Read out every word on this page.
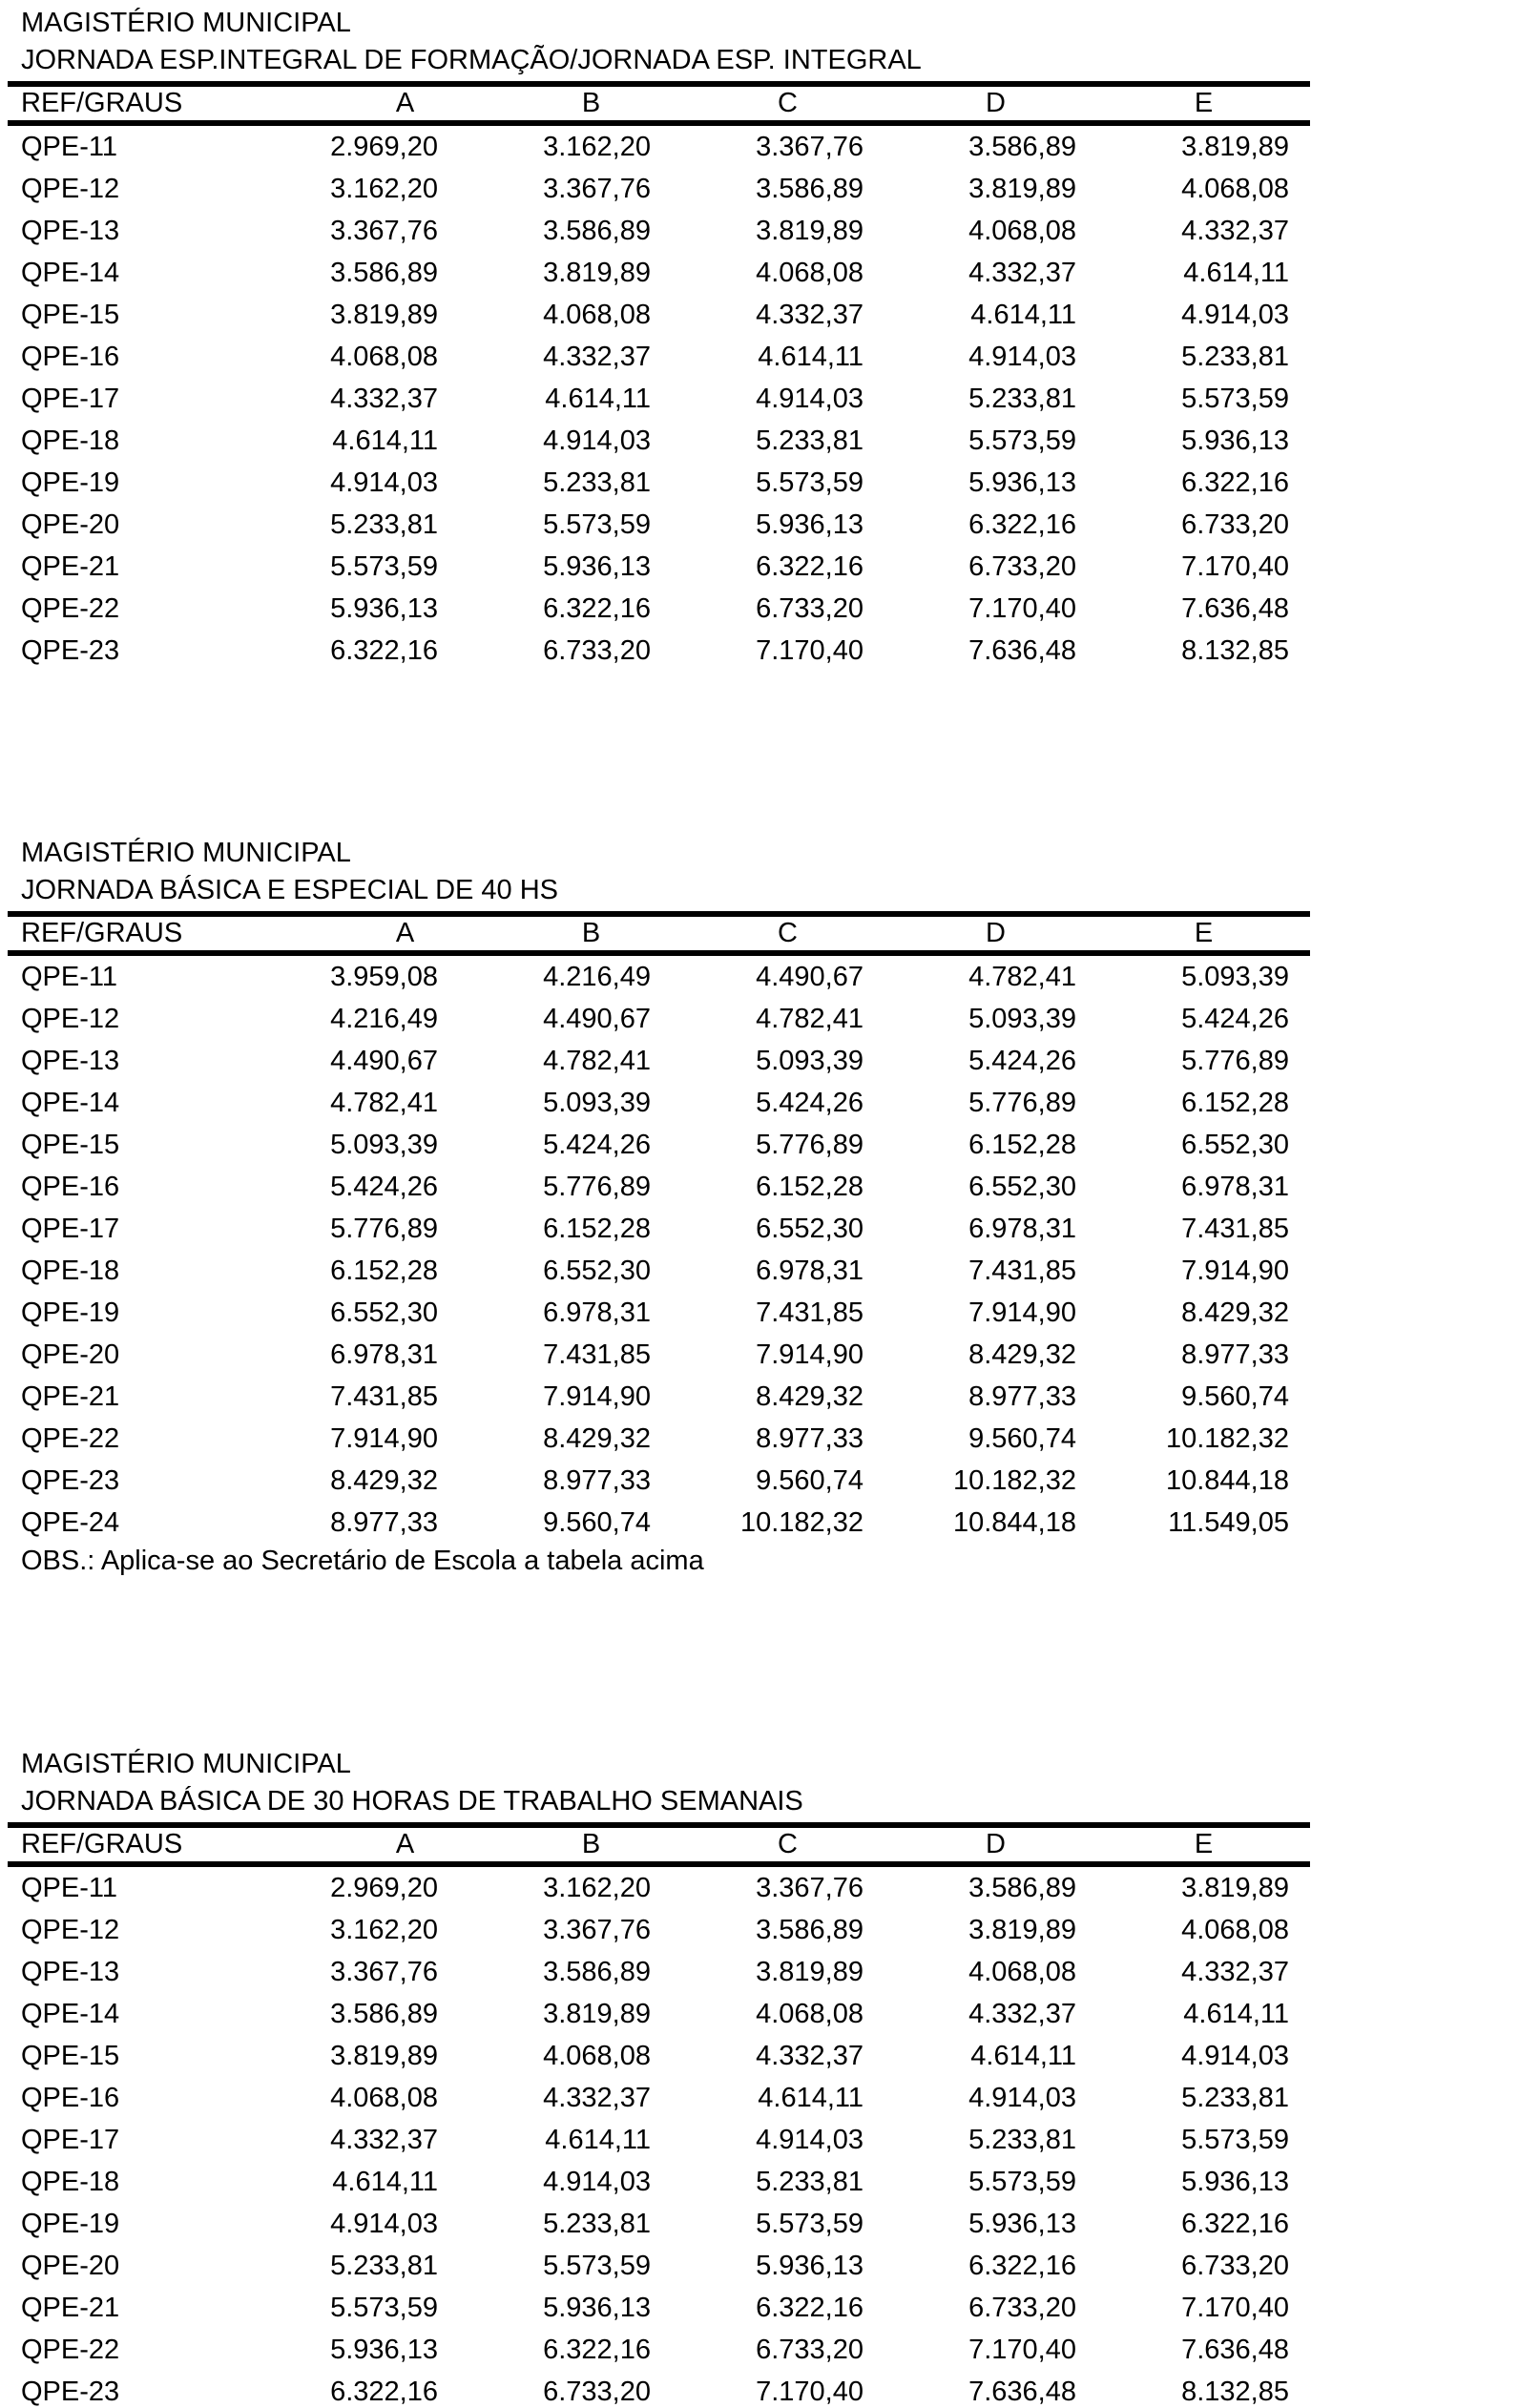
MAGISTÉRIO MUNICIPAL
JORNADA ESP.INTEGRAL DE FORMAÇÃO/JORNADA ESP. INTEGRAL
REF/GRAUS	A	B	C	D	E
QPE-11	2.969,20	3.162,20	3.367,76	3.586,89	3.819,89
QPE-12	3.162,20	3.367,76	3.586,89	3.819,89	4.068,08
QPE-13	3.367,76	3.586,89	3.819,89	4.068,08	4.332,37
QPE-14	3.586,89	3.819,89	4.068,08	4.332,37	4.614,11
QPE-15	3.819,89	4.068,08	4.332,37	4.614,11	4.914,03
QPE-16	4.068,08	4.332,37	4.614,11	4.914,03	5.233,81
QPE-17	4.332,37	4.614,11	4.914,03	5.233,81	5.573,59
QPE-18	4.614,11	4.914,03	5.233,81	5.573,59	5.936,13
QPE-19	4.914,03	5.233,81	5.573,59	5.936,13	6.322,16
QPE-20	5.233,81	5.573,59	5.936,13	6.322,16	6.733,20
QPE-21	5.573,59	5.936,13	6.322,16	6.733,20	7.170,40
QPE-22	5.936,13	6.322,16	6.733,20	7.170,40	7.636,48
QPE-23	6.322,16	6.733,20	7.170,40	7.636,48	8.132,85
MAGISTÉRIO MUNICIPAL
JORNADA BÁSICA E ESPECIAL DE 40 HS
REF/GRAUS	A	B	C	D	E
QPE-11	3.959,08	4.216,49	4.490,67	4.782,41	5.093,39
QPE-12	4.216,49	4.490,67	4.782,41	5.093,39	5.424,26
QPE-13	4.490,67	4.782,41	5.093,39	5.424,26	5.776,89
QPE-14	4.782,41	5.093,39	5.424,26	5.776,89	6.152,28
QPE-15	5.093,39	5.424,26	5.776,89	6.152,28	6.552,30
QPE-16	5.424,26	5.776,89	6.152,28	6.552,30	6.978,31
QPE-17	5.776,89	6.152,28	6.552,30	6.978,31	7.431,85
QPE-18	6.152,28	6.552,30	6.978,31	7.431,85	7.914,90
QPE-19	6.552,30	6.978,31	7.431,85	7.914,90	8.429,32
QPE-20	6.978,31	7.431,85	7.914,90	8.429,32	8.977,33
QPE-21	7.431,85	7.914,90	8.429,32	8.977,33	9.560,74
QPE-22	7.914,90	8.429,32	8.977,33	9.560,74	10.182,32
QPE-23	8.429,32	8.977,33	9.560,74	10.182,32	10.844,18
QPE-24	8.977,33	9.560,74	10.182,32	10.844,18	11.549,05
OBS.: Aplica-se ao Secretário de Escola a tabela acima
MAGISTÉRIO MUNICIPAL
JORNADA BÁSICA DE 30 HORAS DE TRABALHO SEMANAIS
REF/GRAUS	A	B	C	D	E
QPE-11	2.969,20	3.162,20	3.367,76	3.586,89	3.819,89
QPE-12	3.162,20	3.367,76	3.586,89	3.819,89	4.068,08
QPE-13	3.367,76	3.586,89	3.819,89	4.068,08	4.332,37
QPE-14	3.586,89	3.819,89	4.068,08	4.332,37	4.614,11
QPE-15	3.819,89	4.068,08	4.332,37	4.614,11	4.914,03
QPE-16	4.068,08	4.332,37	4.614,11	4.914,03	5.233,81
QPE-17	4.332,37	4.614,11	4.914,03	5.233,81	5.573,59
QPE-18	4.614,11	4.914,03	5.233,81	5.573,59	5.936,13
QPE-19	4.914,03	5.233,81	5.573,59	5.936,13	6.322,16
QPE-20	5.233,81	5.573,59	5.936,13	6.322,16	6.733,20
QPE-21	5.573,59	5.936,13	6.322,16	6.733,20	7.170,40
QPE-22	5.936,13	6.322,16	6.733,20	7.170,40	7.636,48
QPE-23	6.322,16	6.733,20	7.170,40	7.636,48	8.132,85
